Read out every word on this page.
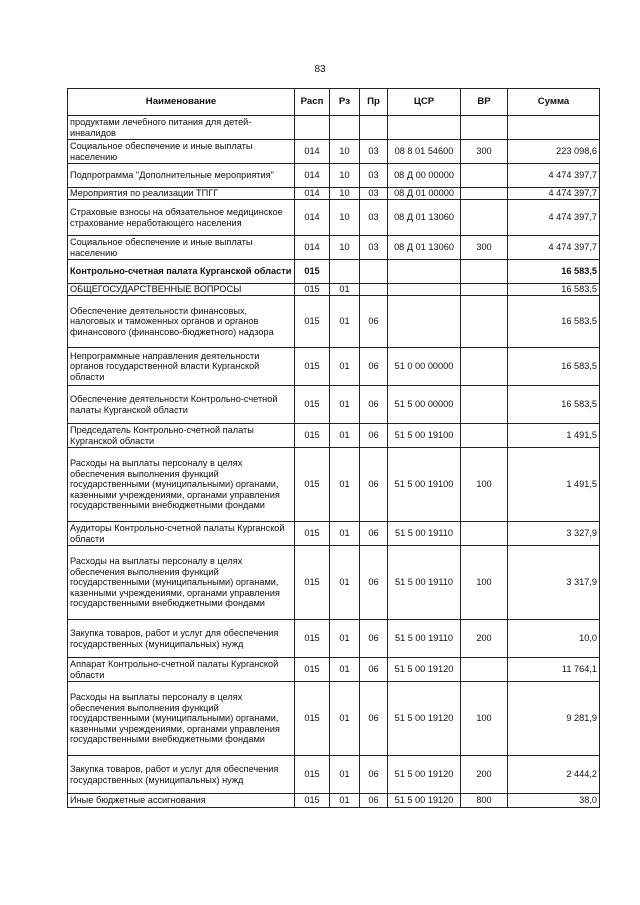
83
Наименование	Расп	Рз	Пр	ЦСР	ВР	Сумма
продуктами лечебного питания для детей-инвалидов						
Социальное обеспечение и иные выплаты населению	014	10	03	08 8 01 54600	300	223 098,6
Подпрограмма "Дополнительные мероприятия"	014	10	03	08 Д 00 00000		4 474 397,7
Мероприятия по реализации ТПГГ	014	10	03	08 Д 01 00000		4 474 397,7
Страховые взносы на обязательное медицинское страхование неработающего населения	014	10	03	08 Д 01 13060		4 474 397,7
Социальное обеспечение и иные выплаты населению	014	10	03	08 Д 01 13060	300	4 474 397,7
Контрольно-счетная палата Курганской области	015					16 583,5
ОБЩЕГОСУДАРСТВЕННЫЕ ВОПРОСЫ	015	01				16 583,5
Обеспечение деятельности финансовых, налоговых и таможенных органов и органов финансового (финансово-бюджетного) надзора	015	01	06			16 583,5
Непрограммные направления деятельности органов государственной власти Курганской области	015	01	06	51 0 00 00000		16 583,5
Обеспечение деятельности Контрольно-счетной палаты Курганской области	015	01	06	51 5 00 00000		16 583,5
Председатель Контрольно-счетной палаты Курганской области	015	01	06	51 5 00 19100		1 491,5
Расходы на выплаты персоналу в целях обеспечения выполнения функций государственными (муниципальными) органами, казенными учреждениями, органами управления государственными внебюджетными фондами	015	01	06	51 5 00 19100	100	1 491,5
Аудиторы Контрольно-счетной палаты Курганской области	015	01	06	51 5 00 19110		3 327,9
Расходы на выплаты персоналу в целях обеспечения выполнения функций государственными (муниципальными) органами, казенными учреждениями, органами управления государственными внебюджетными фондами	015	01	06	51 5 00 19110	100	3 317,9
Закупка товаров, работ и услуг для обеспечения государственных (муниципальных) нужд	015	01	06	51 5 00 19110	200	10,0
Аппарат Контрольно-счетной палаты Курганской области	015	01	06	51 5 00 19120		11 764,1
Расходы на выплаты персоналу в целях обеспечения выполнения функций государственными (муниципальными) органами, казенными учреждениями, органами управления государственными внебюджетными фондами	015	01	06	51 5 00 19120	100	9 281,9
Закупка товаров, работ и услуг для обеспечения государственных (муниципальных) нужд	015	01	06	51 5 00 19120	200	2 444,2
Иные бюджетные ассигнования	015	01	06	51 5 00 19120	800	38,0
